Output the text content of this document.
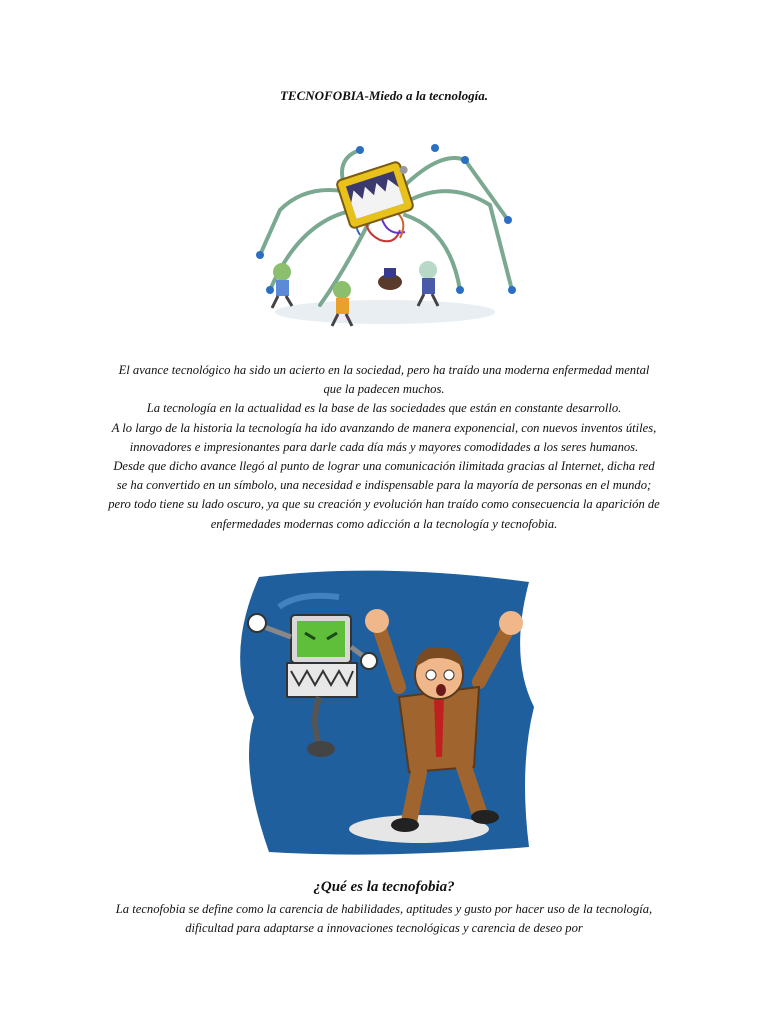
TECNOFOBIA-Miedo a la tecnología.

El avance tecnológico ha sido un acierto en la sociedad, pero ha traído una moderna enfermedad mental que la padecen muchos.

La tecnología en la actualidad es la base de las sociedades que están en constante desarrollo.

A lo largo de la historia la tecnología ha ido avanzando de manera exponencial, con nuevos inventos útiles, innovadores e impresionantes para darle cada día más y mayores comodidades a los seres humanos.

Desde que dicho avance llegó al punto de lograr una comunicación ilimitada gracias al Internet, dicha red se ha convertido en un símbolo, una necesidad e indispensable para la mayoría de personas en el mundo; pero todo tiene su lado oscuro, ya que su creación y evolución han traído como consecuencia la aparición de enfermedades modernas como adicción a la tecnología y tecnofobia.

¿Qué es la tecnofobia?

La tecnofobia se define como la carencia de habilidades, aptitudes y gusto por hacer uso de la tecnología, dificultad para adaptarse a innovaciones tecnológicas y carencia de deseo por
